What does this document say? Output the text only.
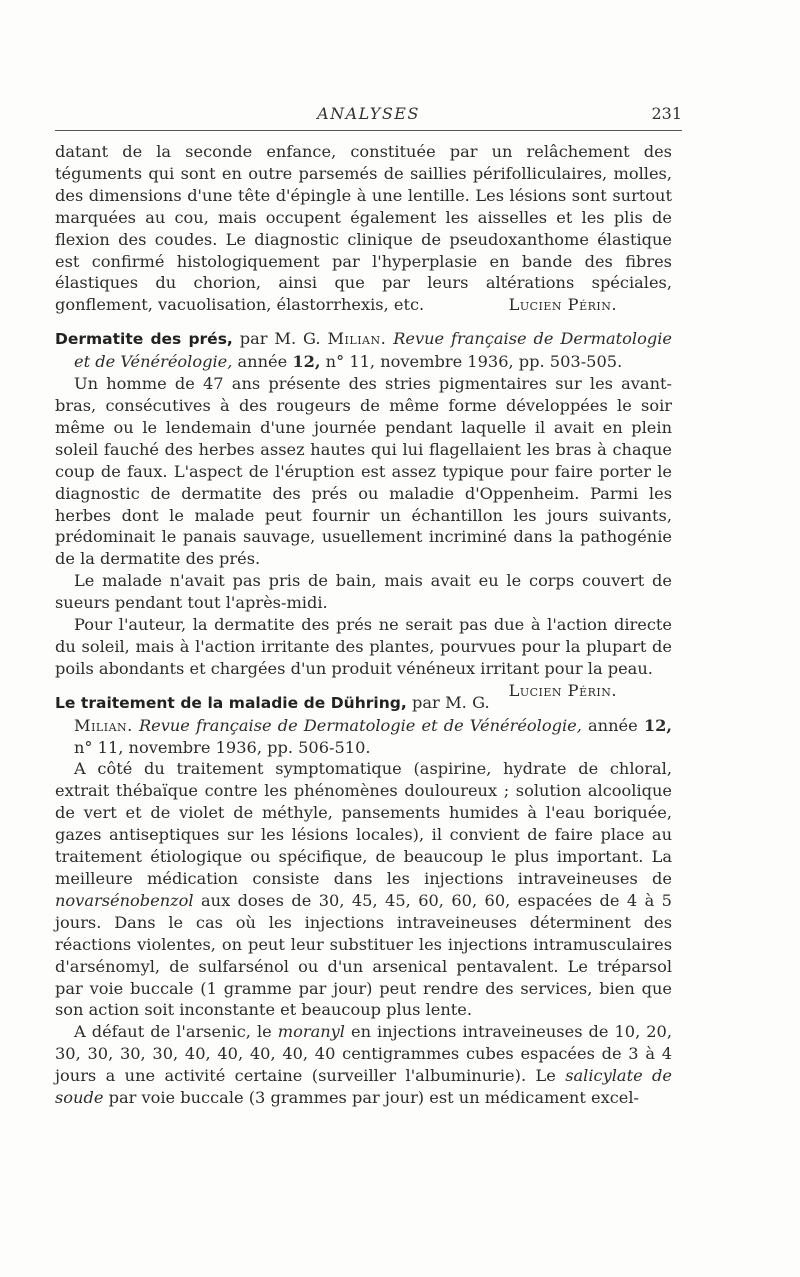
ANALYSES	231

datant de la seconde enfance, constituée par un relâchement des téguments qui sont en outre parsemés de saillies périfolliculaires, molles, des dimensions d'une tête d'épingle à une lentille. Les lésions sont surtout marquées au cou, mais occupent également les aisselles et les plis de flexion des coudes. Le diagnostic clinique de pseudoxanthome élastique est confirmé histologiquement par l'hyperplasie en bande des fibres élastiques du chorion, ainsi que par leurs altérations spéciales, gonflement, vacuolisation, élastorrhexis, etc.	Lucien Périn.

Dermatite des prés, par M. G. Milian. Revue française de Dermatologie et de Vénéréologie, année 12, n° 11, novembre 1936, pp. 503-505.

Un homme de 47 ans présente des stries pigmentaires sur les avant-bras, consécutives à des rougeurs de même forme développées le soir même ou le lendemain d'une journée pendant laquelle il avait en plein soleil fauché des herbes assez hautes qui lui flagellaient les bras à chaque coup de faux. L'aspect de l'éruption est assez typique pour faire porter le diagnostic de dermatite des prés ou maladie d'Oppenheim. Parmi les herbes dont le malade peut fournir un échantillon les jours suivants, prédominait le panais sauvage, usuellement incriminé dans la pathogénie de la dermatite des prés.

Le malade n'avait pas pris de bain, mais avait eu le corps couvert de sueurs pendant tout l'après-midi.

Pour l'auteur, la dermatite des prés ne serait pas due à l'action directe du soleil, mais à l'action irritante des plantes, pourvues pour la plupart de poils abondants et chargées d'un produit vénéneux irritant pour la peau.
Lucien Périn.

Le traitement de la maladie de Dühring, par M. G. Milian. Revue française de Dermatologie et de Vénéréologie, année 12, n° 11, novembre 1936, pp. 506-510.

A côté du traitement symptomatique (aspirine, hydrate de chloral, extrait thébaïque contre les phénomènes douloureux ; solution alcoolique de vert et de violet de méthyle, pansements humides à l'eau boriquée, gazes antiseptiques sur les lésions locales), il convient de faire place au traitement étiologique ou spécifique, de beaucoup le plus important. La meilleure médication consiste dans les injections intraveineuses de novarsénobenzol aux doses de 30, 45, 45, 60, 60, 60, espacées de 4 à 5 jours. Dans le cas où les injections intraveineuses déterminent des réactions violentes, on peut leur substituer les injections intramusculaires d'arsénomyl, de sulfarsénol ou d'un arsenical pentavalent. Le tréparsol par voie buccale (1 gramme par jour) peut rendre des services, bien que son action soit inconstante et beaucoup plus lente.

A défaut de l'arsenic, le moranyl en injections intraveineuses de 10, 20, 30, 30, 30, 30, 40, 40, 40, 40, 40 centigrammes cubes espacées de 3 à 4 jours a une activité certaine (surveiller l'albuminurie). Le salicylate de soude par voie buccale (3 grammes par jour) est un médicament excel-
